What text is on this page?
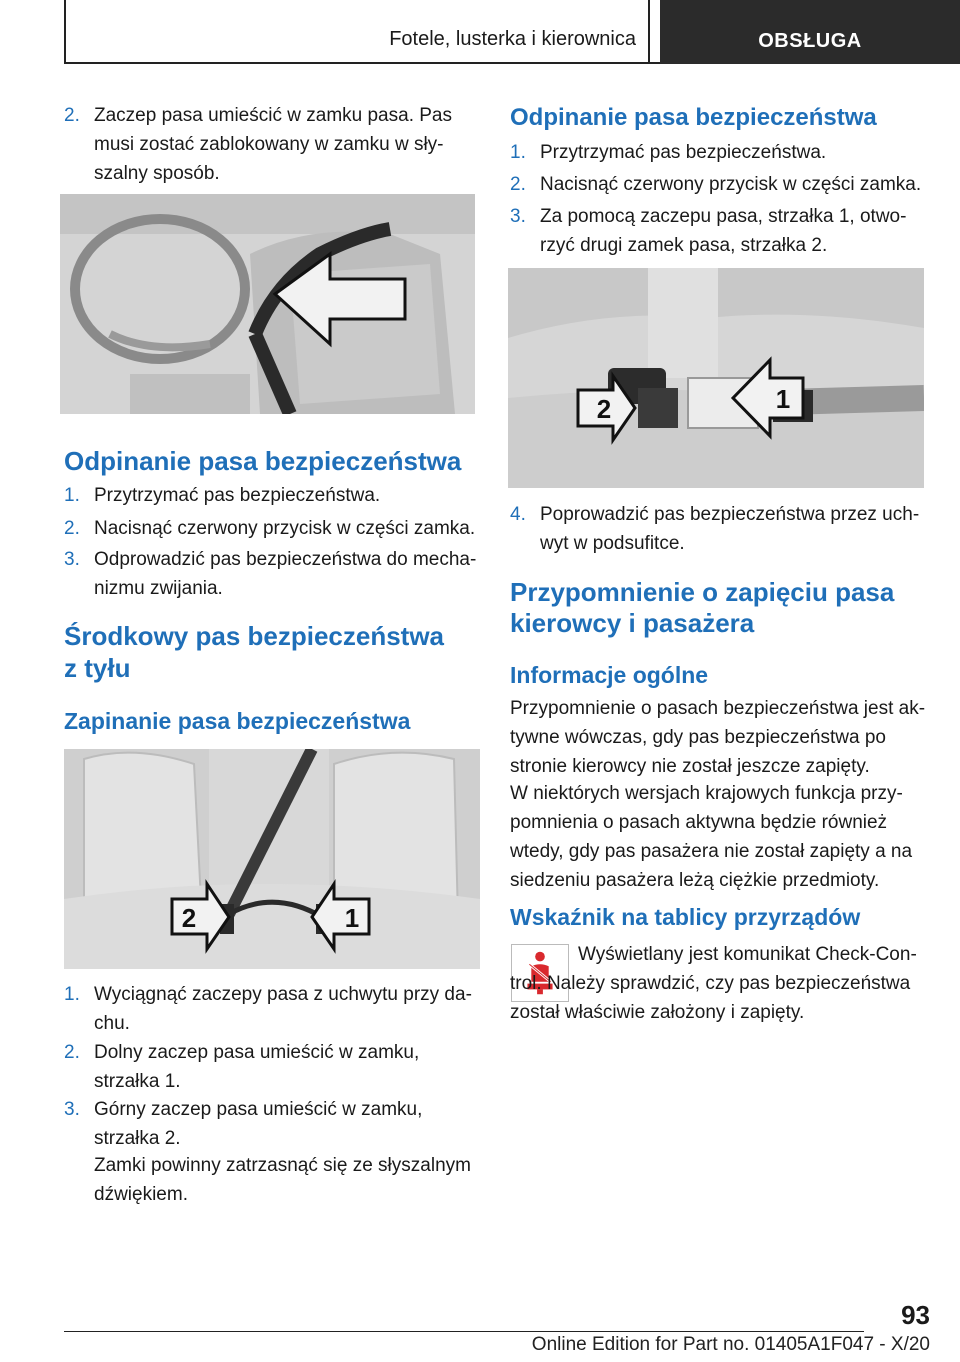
Fotele, lusterka i kierownica	OBSŁUGA
2. Zaczep pasa umieścić w zamku pasa. Pas musi zostać zablokowany w zamku w słyszalny sposób.
Odpinanie pasa bezpieczeństwa
1. Przytrzymać pas bezpieczeństwa.
2. Nacisnąć czerwony przycisk w części zamka.
3. Odprowadzić pas bezpieczeństwa do mechanizmu zwijania.
Środkowy pas bezpieczeństwa
z tyłu
Zapinanie pasa bezpieczeństwa
2	1
1. Wyciągnąć zaczepy pasa z uchwytu przy dachu.
2. Dolny zaczep pasa umieścić w zamku, strzałka 1.
3. Górny zaczep pasa umieścić w zamku, strzałka 2.
Zamki powinny zatrzasnąć się ze słyszalnym dźwiękiem.
Odpinanie pasa bezpieczeństwa
1. Przytrzymać pas bezpieczeństwa.
2. Nacisnąć czerwony przycisk w części zamka.
3. Za pomocą zaczepu pasa, strzałka 1, otworzyć drugi zamek pasa, strzałka 2.
2	1
4. Poprowadzić pas bezpieczeństwa przez uchwyt w podsufitce.
Przypomnienie o zapięciu pasa
kierowcy i pasażera
Informacje ogólne
Przypomnienie o pasach bezpieczeństwa jest aktywne wówczas, gdy pas bezpieczeństwa po stronie kierowcy nie został jeszcze zapięty.
W niektórych wersjach krajowych funkcja przypomnienia o pasach aktywna będzie również wtedy, gdy pas pasażera nie został zapięty a na siedzeniu pasażera leżą ciężkie przedmioty.
Wskaźnik na tablicy przyrządów
Wyświetlany jest komunikat Check-Control. Należy sprawdzić, czy pas bezpieczeństwa został właściwie założony i zapięty.
93
Online Edition for Part no. 01405A1F047 - X/20
